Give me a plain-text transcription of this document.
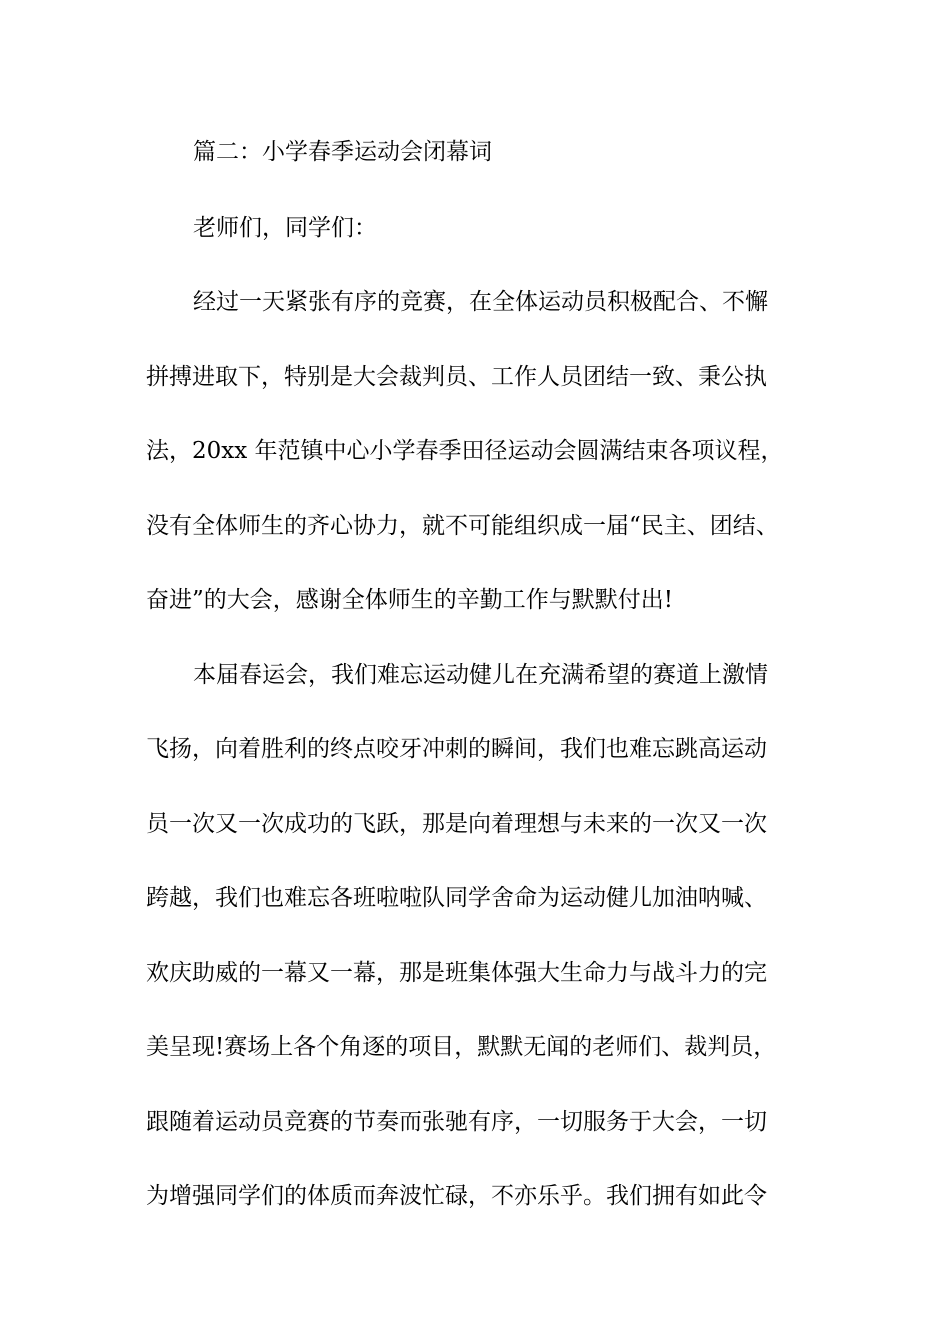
篇二：小学春季运动会闭幕词
老师们，同学们：
经过一天紧张有序的竞赛，在全体运动员积极配合、不懈
拼搏进取下，特别是大会裁判员、工作人员团结一致、秉公执
法，20xx 年范镇中心小学春季田径运动会圆满结束各项议程，
没有全体师生的齐心协力，就不可能组织成一届“民主、团结、
奋进”的大会，感谢全体师生的辛勤工作与默默付出!
本届春运会，我们难忘运动健儿在充满希望的赛道上激情
飞扬，向着胜利的终点咬牙冲刺的瞬间，我们也难忘跳高运动
员一次又一次成功的飞跃，那是向着理想与未来的一次又一次
跨越，我们也难忘各班啦啦队同学舍命为运动健儿加油呐喊、
欢庆助威的一幕又一幕，那是班集体强大生命力与战斗力的完
美呈现!赛场上各个角逐的项目，默默无闻的老师们、裁判员，
跟随着运动员竞赛的节奏而张驰有序，一切服务于大会，一切
为增强同学们的体质而奔波忙碌，不亦乐乎。我们拥有如此令
